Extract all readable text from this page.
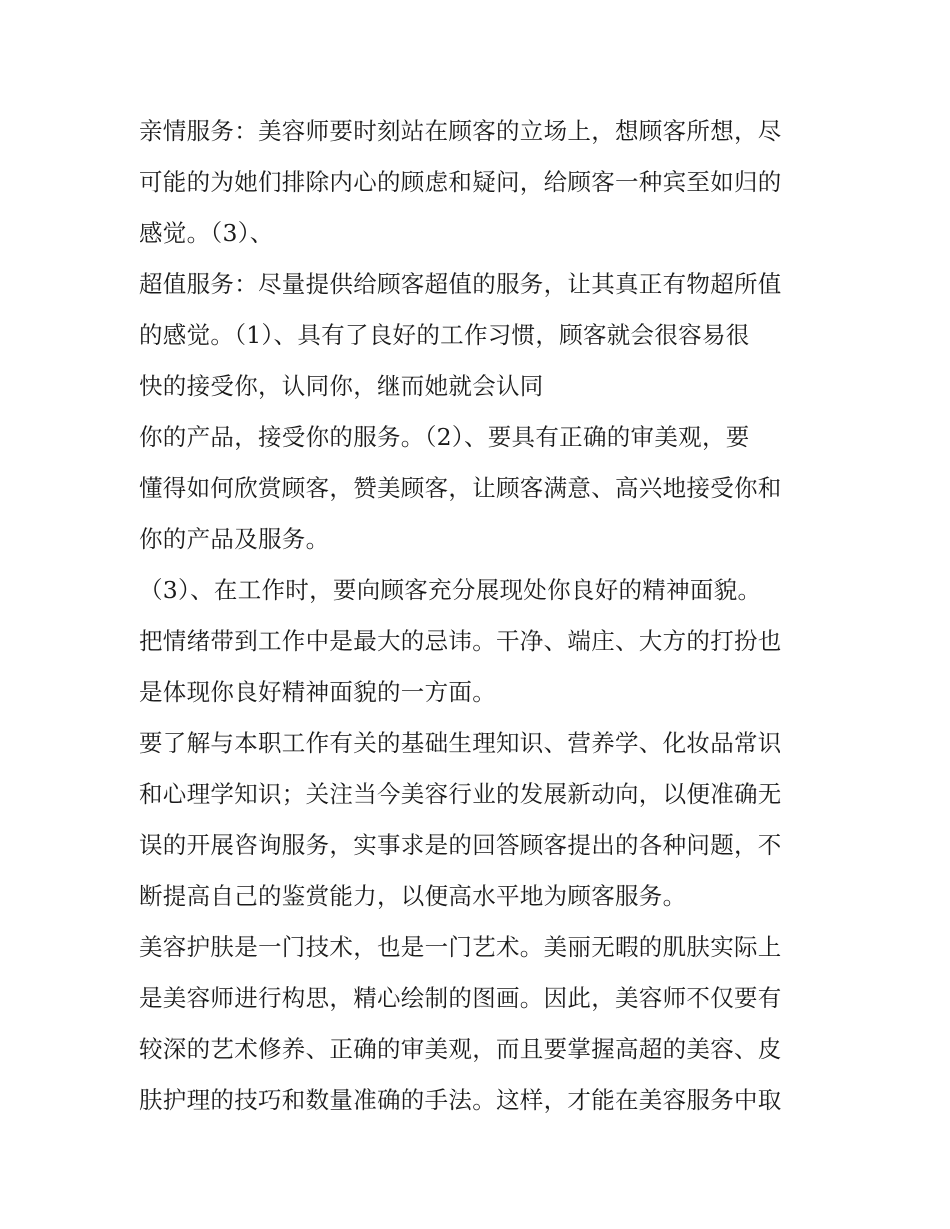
亲情服务：美容师要时刻站在顾客的立场上，想顾客所想，尽
可能的为她们排除内心的顾虑和疑问，给顾客一种宾至如归的
感觉。（3）、
超值服务：尽量提供给顾客超值的服务，让其真正有物超所值
的感觉。（1）、具有了良好的工作习惯，顾客就会很容易很
快的接受你，认同你，继而她就会认同
你的产品，接受你的服务。（2）、要具有正确的审美观，要
懂得如何欣赏顾客，赞美顾客，让顾客满意、高兴地接受你和
你的产品及服务。
（3）、在工作时，要向顾客充分展现处你良好的精神面貌。
把情绪带到工作中是最大的忌讳。干净、端庄、大方的打扮也
是体现你良好精神面貌的一方面。
要了解与本职工作有关的基础生理知识、营养学、化妆品常识
和心理学知识；关注当今美容行业的发展新动向，以便准确无
误的开展咨询服务，实事求是的回答顾客提出的各种问题，不
断提高自己的鉴赏能力，以便高水平地为顾客服务。
美容护肤是一门技术，也是一门艺术。美丽无暇的肌肤实际上
是美容师进行构思，精心绘制的图画。因此，美容师不仅要有
较深的艺术修养、正确的审美观，而且要掌握高超的美容、皮
肤护理的技巧和数量准确的手法。这样，才能在美容服务中取
